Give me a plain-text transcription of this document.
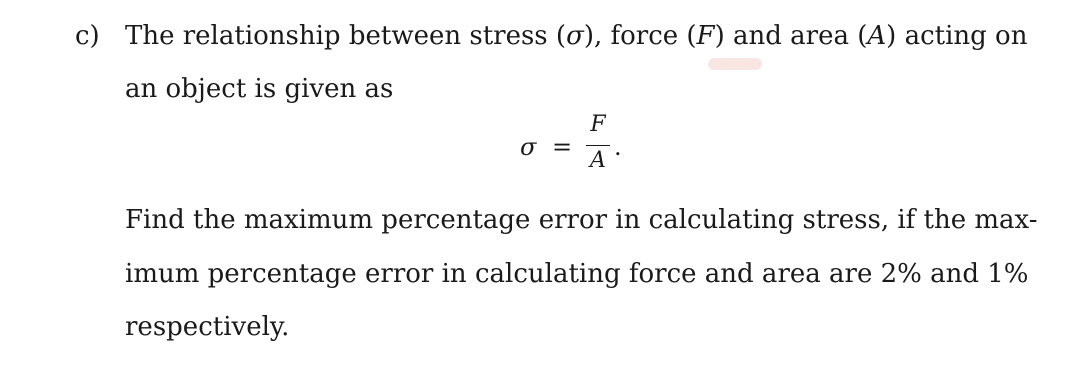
c) The relationship between stress (σ), force (F) and area (A) acting on
an object is given as
σ =
F
A .
Find the maximum percentage error in calculating stress, if the max-
imum percentage error in calculating force and area are 2% and 1%
respectively.
